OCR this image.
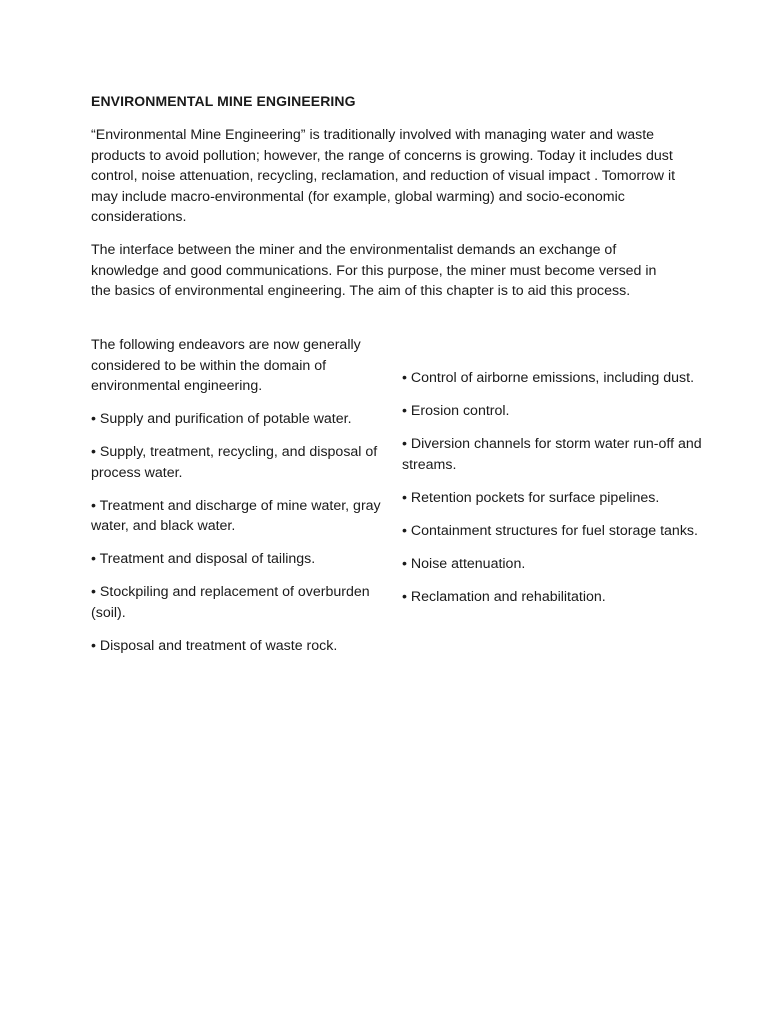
ENVIRONMENTAL MINE ENGINEERING

“Environmental Mine Engineering” is traditionally involved with managing water and waste products to avoid pollution; however, the range of concerns is growing. Today it includes dust control, noise attenuation, recycling, reclamation, and reduction of visual impact . Tomorrow it may include macro-environmental (for example, global warming) and socio-economic considerations.

The interface between the miner and the environmentalist demands an exchange of knowledge and good communications. For this purpose, the miner must become versed in the basics of environmental engineering. The aim of this chapter is to aid this process.

The following endeavors are now generally considered to be within the domain of environmental engineering.

• Supply and purification of potable water.

• Supply, treatment, recycling, and disposal of process water.

• Treatment and discharge of mine water, gray water, and black water.

• Treatment and disposal of tailings.

• Stockpiling and replacement of overburden (soil).

• Disposal and treatment of waste rock.

• Control of airborne emissions, including dust.

• Erosion control.

• Diversion channels for storm water run-off and streams.

• Retention pockets for surface pipelines.

• Containment structures for fuel storage tanks.

• Noise attenuation.

• Reclamation and rehabilitation.
